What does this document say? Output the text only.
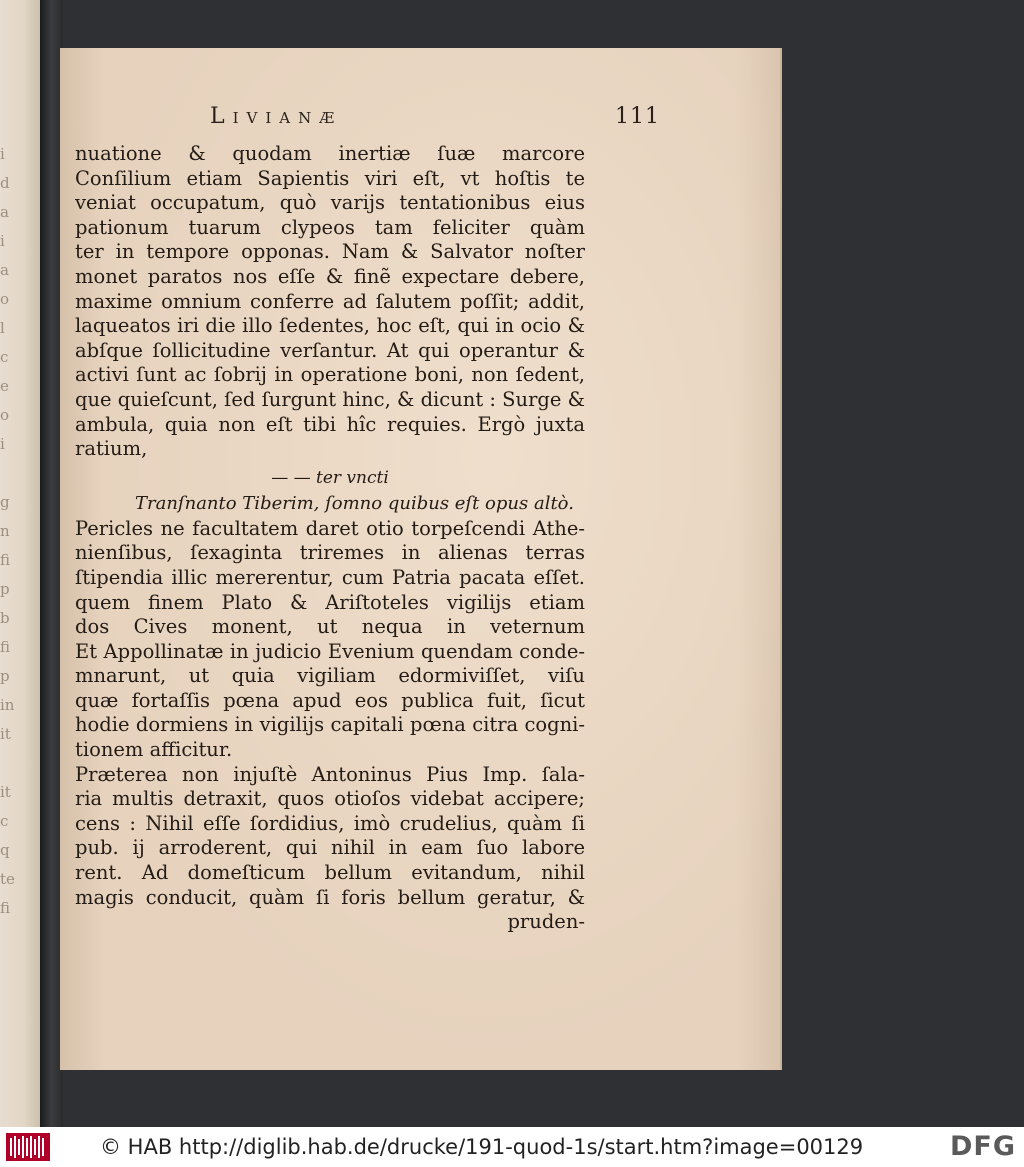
i
d
a
i
a
o
l
c
e
o
i

g
n
fi
p
b
fi
p
in
it

it
c
q
te
fi
Livianæ	111
nuatione & quodam inertiæ ſuæ marcore
Conſilium etiam Sapientis viri eſt, vt hoſtis te
veniat occupatum, quò varijs tentationibus eius
pationum tuarum clypeos tam feliciter quàm
ter in tempore opponas. Nam & Salvator noſter
monet paratos nos eſſe & finẽ expectare debere,
maxime omnium conferre ad ſalutem poſſit; addit,
laqueatos iri die illo ſedentes, hoc eſt, qui in ocio &
abſque ſollicitudine verſantur. At qui operantur &
activi ſunt ac ſobrij in operatione boni, non ſedent,
que quieſcunt, ſed ſurgunt hinc, & dicunt : Surge &
ambula, quia non eſt tibi hîc requies. Ergò juxta
ratium,
— — ter vncti
Tranſnanto Tiberim, ſomno quibus eſt opus altò.
Pericles ne facultatem daret otio torpeſcendi Athe-
nienſibus, ſexaginta triremes in alienas terras
ſtipendia illic mererentur, cum Patria pacata eſſet.
quem finem Plato & Ariſtoteles vigilijs etiam
dos Cives monent, ut nequa in veternum
Et Appollinatæ in judicio Evenium quendam conde-
mnarunt, ut quia vigiliam edormiviſſet, viſu
quæ fortaſſis pœna apud eos publica fuit, ſicut
hodie dormiens in vigilijs capitali pœna citra cogni-
tionem afficitur.
Præterea non injuſtè Antoninus Pius Imp. ſala-
ria multis detraxit, quos otioſos videbat accipere;
cens : Nihil eſſe ſordidius, imò crudelius, quàm ſi
pub. ij arroderent, qui nihil in eam ſuo labore
rent. Ad domeſticum bellum evitandum, nihil
magis conducit, quàm ſi foris bellum geratur, &
pruden-
© HAB http://diglib.hab.de/drucke/191-quod-1s/start.htm?image=00129	DFG
